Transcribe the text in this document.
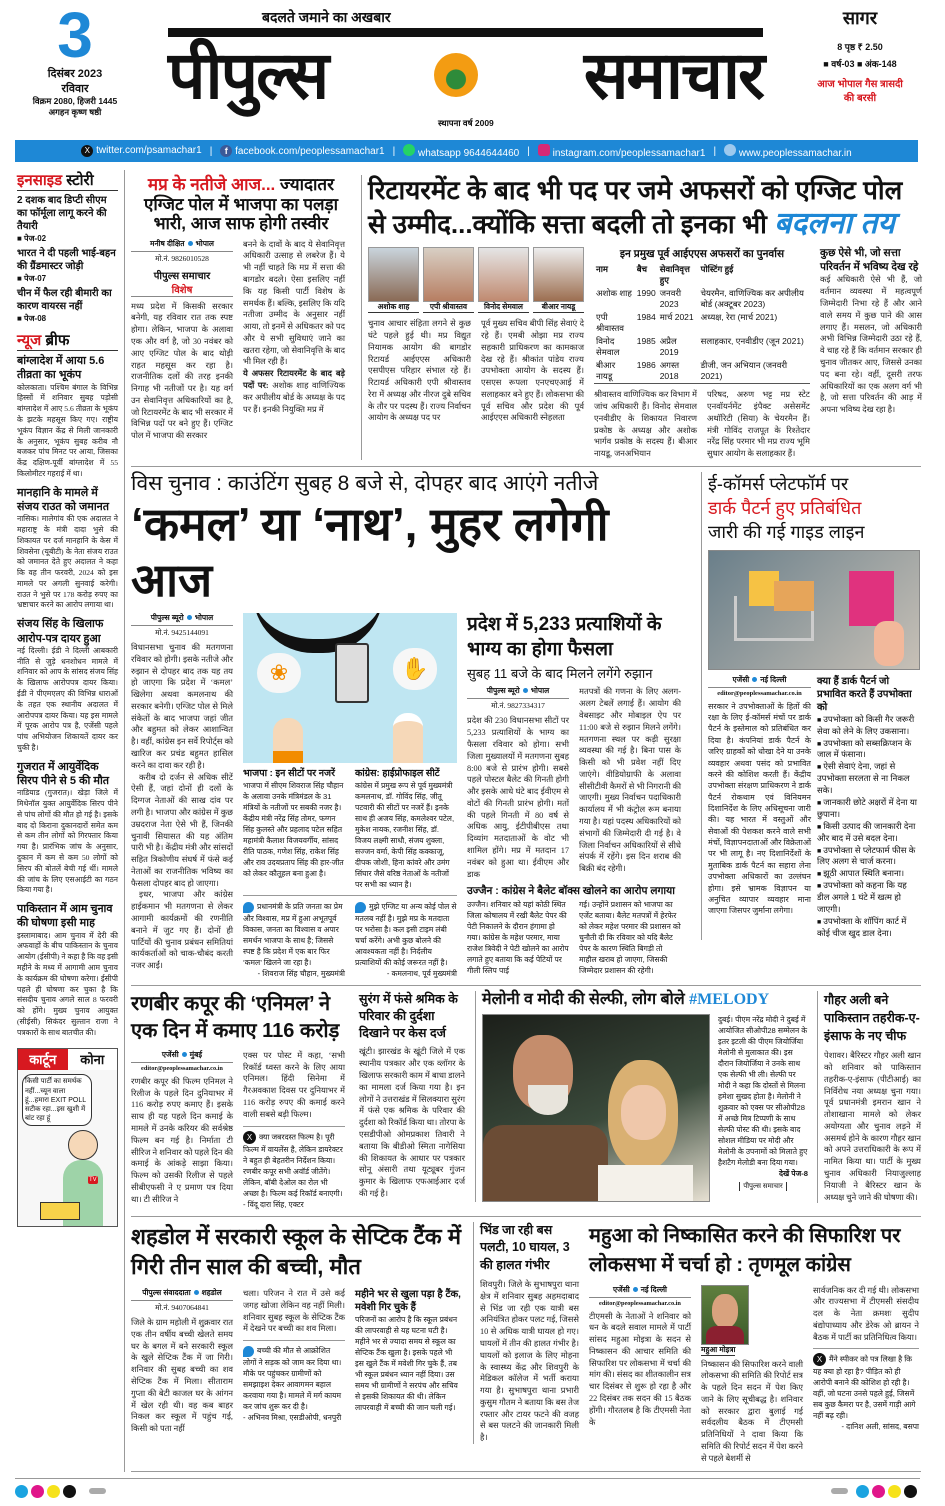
3
दिसंबर 2023
रविवार
विक्रम 2080, हिजरी 1445
अगहन कृष्ण षष्ठी
बदलते जमाने का अखबार
पीपुल्स	समाचार
स्थापना वर्ष 2009
सागर
8 पृष्ठ ₹ 2.50
■ वर्ष-03 ■ अंक-148
आज भोपाल गैस त्रासदी की बरसी
X twitter.com/psamachar1 |	f facebook.com/peoplessamachar1 |	whatsapp 9644644460 |	instagram.com/peoplessamachar1 |	www.peoplessamachar.in
इनसाइड स्टोरी
2 दशक बाद डिप्टी सीएम का फॉर्मूला लागू करने की तैयारी
■ पेज-02
भारत ने दी पहली भाई-बहन की ग्रैंडमास्टर जोड़ी
■ पेज-07
चीन में फैल रही बीमारी का कारण वायरस नहीं
■ पेज-08
न्यूज ब्रीफ
बांग्लादेश में आया 5.6 तीव्रता का भूकंप
कोलकाता। पश्चिम बंगाल के विभिन्न हिस्सों में शनिवार सुबह पड़ोसी बांग्लादेश में आए 5.6 तीव्रता के भूकंप के झटके महसूस किए गए। राष्ट्रीय भूकंप विज्ञान केंद्र से मिली जानकारी के अनुसार, भूकंप सुबह करीब नौ बजकर पांच मिनट पर आया, जिसका केंद्र दक्षिण-पूर्वी बांग्लादेश में 55 किलोमीटर गहराई में था।
मानहानि के मामले में संजय राउत को जमानत
नासिक। मालेगांव की एक अदालत ने महाराष्ट्र के मंत्री दादा भुसे की शिकायत पर दर्ज मानहानि के केस में शिवसेना (यूबीटी) के नेता संजय राउत को जमानत देते हुए अदालत ने कहा कि वह तीन फरवरी, 2024 को इस मामले पर अगली सुनवाई करेगी। राउत ने भुसे पर 178 करोड़ रुपए का भ्रष्टाचार करने का आरोप लगाया था।
संजय सिंह के खिलाफ आरोप-पत्र दायर हुआ
नई दिल्ली। ईडी ने दिल्ली आबकारी नीति से जुड़े धनशोधन मामले में शनिवार को आप के सांसद संजय सिंह के खिलाफ आरोपपत्र दायर किया। ईडी ने पीएमएलए की विभिन्न धाराओं के तहत एक स्थानीय अदालत में आरोपपत्र दायर किया। यह इस मामले में पूरक आरोप पत्र है, एजेंसी पहले पांच अभियोजन शिकायतें दायर कर चुकी है।
गुजरात में आयुर्वेदिक सिरप पीने से 5 की मौत
नाडियाड (गुजरात)। खेड़ा जिले में मिथेनॉल युक्त आयुर्वेदिक सिरप पीने से पांच लोगों की मौत हो गई है। इसके बाद दो किराना दुकानदारों समेत कम से कम तीन लोगों को गिरफ्तार किया गया है। प्रारंभिक जांच के अनुसार, दुकान में कम से कम 50 लोगों को सिरप की बोतलें बेची गई थीं। मामले की जांच के लिए एसआईटी का गठन किया गया है।
पाकिस्तान में आम चुनाव की घोषणा इसी माह
इस्लामाबाद। आम चुनाव में देरी की अफवाहों के बीच पाकिस्तान के चुनाव आयोग (ईसीपी) ने कहा है कि वह इसी महीने के मध्य में आगामी आम चुनाव के कार्यक्रम की घोषणा करेगा। ईसीपी पहले ही घोषणा कर चुका है कि संसदीय चुनाव अगले साल 8 फरवरी को होंगे। मुख्य चुनाव आयुक्त (सीईसी) सिकंदर सुल्तान राजा ने पत्रकारों के साथ बातचीत की।
कार्टून	कोना
किसी पार्टी का समर्थक नहीं...च्यून वाला हूं...हमारा EXIT POLL सटीक रहा...इस खुशी में बांट रहा हूं
TV
मप्र के नतीजे आज... ज्यादातर एग्जिट पोल में भाजपा का पलड़ा भारी, आज साफ होगी तस्वीर
मनीष दीक्षित भोपाल
मो.नं. 9826010528
पीपुल्स समाचार
विशेष
मध्य प्रदेश में किसकी सरकार बनेगी, यह रविवार रात तक स्पष्ट होगा। लेकिन, भाजपा के अलावा एक और वर्ग है, जो 30 नवंबर को आए एग्जिट पोल के बाद थोड़ी राहत महसूस कर रहा है। राजनीतिक दलों की तरह इनकी निगाह भी नतीजों पर है। यह वर्ग उन सेवानिवृत्त अधिकारियों का है, जो रिटायरमेंट के बाद भी सरकार में विभिन्न पदों पर बने हुए हैं। एग्जिट पोल में भाजपा की सरकार
बनने के दावों के बाद ये सेवानिवृत्त अधिकारी उत्साह से लबरेज हैं। ये भी नहीं चाहते कि मप्र में सत्ता की बागडोर बदले। ऐसा इसलिए नहीं कि यह किसी पार्टी विशेष के समर्थक हैं। बल्कि, इसलिए कि यदि नतीजा उम्मीद के अनुसार नहीं आया, तो इनमें से अधिकतर को पद और ये सभी सुविधाएं जाने का खतरा रहेगा, जो सेवानिवृत्ति के बाद भी मिल रही हैं।
ये अफसर रिटायरमेंट के बाद बड़े पदों पर: अशोक शाह वाणिज्यिक कर अपीलीय बोर्ड के अध्यक्ष के पद पर हैं। इनकी नियुक्ति मप्र में
रिटायरमेंट के बाद भी पद पर जमे अफसरों को एग्जिट पोल से उम्मीद...क्योंकि सत्ता बदली तो इनका भी बदलना तय
अशोक शाह	एपी श्रीवास्तव	विनोद सेमवाल	बीआर नायडू
चुनाव आचार संहिता लगने से कुछ घंटे पहले हुई थी। मप्र विद्युत नियामक आयोग की बागडोर रिटायर्ड आईएएस अधिकारी एसपीएस परिहार संभाल रहे हैं। रिटायर्ड अधिकारी एपी श्रीवास्तव रेरा में अध्यक्ष और नीरज दुबे सचिव के तौर पर पदस्थ हैं। राज्य निर्वाचन आयोग के अध्यक्ष पद पर
पूर्व मुख्य सचिव बीपी सिंह सेवाएं दे रहे हैं। एमबी ओझा मप्र राज्य सहकारी प्राधिकरण का कामकाज देख रहे हैं। श्रीकांत पांडेय राज्य उपभोक्ता आयोग के सदस्य हैं। एसएस रूपला एनएचएआई में सलाहकार बने हुए हैं। लोकसभा की पूर्व सचिव और प्रदेश की पूर्व आईएएस अधिकारी स्नेहलता
इन प्रमुख पूर्व आईएएस अफसरों का पुनर्वास
नाम	बैच	सेवानिवृत्त हुए	पोस्टिंग हुई
अशोक शाह	1990	जनवरी 2023	चेयरमैन, वाणिज्यिक कर अपीलीय बोर्ड (अक्टूबर 2023)
एपी श्रीवास्तव	1984	मार्च 2021	अध्यक्ष, रेरा (मार्च 2021)
विनोद सेमवाल	1985	अप्रैल 2019	सलाहकार, एनवीडीए (जून 2021)
बीआर नायडू	1986	अगस्त 2018	डीजी, जन अभियान (जनवरी 2021)
श्रीवास्तव वाणिज्यिक कर विभाग में जांच अधिकारी हैं। विनोद सेमवाल एनवीडीए के शिकायत निवारण प्रकोष्ठ के अध्यक्ष और अशोक भार्गव प्रकोष्ठ के सदस्य हैं। बीआर नायडू, जनअभियान
परिषद, अरुण भट्ट मप्र स्टेट एनवॉयर्नमेंट इंपैक्ट असेसमेंट अथॉरिटी (सिया) के चेयरमैन हैं। मंत्री गोविंद राजपूत के रिश्तेदार नरेंद्र सिंह परमार भी मप्र राज्य भूमि सुधार आयोग के सलाहकार हैं।
कुछ ऐसे भी, जो सत्ता परिवर्तन में भविष्य देख रहे
कई अधिकारी ऐसे भी हैं, जो वर्तमान व्यवस्था में महत्वपूर्ण जिम्मेदारी निभा रहे हैं और आने वाले समय में कुछ पाने की आस लगाए हैं। मसलन, जो अधिकारी अभी विभिन्न जिम्मेदारी उठा रहे हैं, वे चाह रहे हैं कि वर्तमान सरकार ही चुनाव जीतकर आए, जिससे उनका पद बना रहे। वहीं, दूसरी तरफ अधिकारियों का एक अलग वर्ग भी है, जो सत्ता परिवर्तन की आड़ में अपना भविष्य देख रहा है।
विस चुनाव : काउंटिंग सुबह 8 बजे से, दोपहर बाद आएंगे नतीजे
‘कमल’ या ‘नाथ’, मुहर लगेगी आज
पीपुल्स ब्यूरो भोपाल
मो.नं. 9425144091
विधानसभा चुनाव की मतगणना रविवार को होगी। इसके नतीजे और रुझान से दोपहर बाद तक यह तय हो जाएगा कि प्रदेश में ‘कमल’ खिलेगा अथवा कमलनाथ की सरकार बनेगी। एग्जिट पोल से मिले संकेतों के बाद भाजपा जहां जीत और बहुमत को लेकर आशान्वित है। वहीं, कांग्रेस इन सर्वे रिपोर्ट्स को खारिज कर प्रचंड बहुमत हासिल करने का दावा कर रही है।
करीब दो दर्जन से अधिक सीटें ऐसी हैं, जहां दोनों ही दलों के दिग्गज नेताओं की साख दांव पर लगी है। भाजपा और कांग्रेस में कुछ उम्रदराज नेता ऐसे भी हैं, जिनकी चुनावी सियासत की यह अंतिम पारी भी है। केंद्रीय मंत्री और सांसदों सहित त्रिकोणीय संघर्ष में फंसे कई नेताओं का राजनीतिक भविष्य का फैसला दोपहर बाद हो जाएगा।
इधर, भाजपा और कांग्रेस हाईकमान भी मतगणना से लेकर आगामी कार्यक्रमों की रणनीति बनाने में जुट गए हैं। दोनों ही पार्टियों की चुनाव प्रबंधन समितियां कार्यकर्ताओं को चाक-चौबंद करती नजर आईं।
❀	✋
भाजपा : इन सीटों पर नजरें
भाजपा में सीएम शिवराज सिंह चौहान के अलावा उनके मंत्रिमंडल के 31 मंत्रियों के नतीजों पर सबकी नजर है। केंद्रीय मंत्री नरेंद्र सिंह तोमर, फग्गन सिंह कुलस्ते और प्रहलाद पटेल सहित महामंत्री कैलाश विजयवर्गीय, सांसद रीति पाठक, गणेश सिंह, राकेश सिंह और राव उदयप्रताप सिंह की हार-जीत को लेकर कौतूहल बना हुआ है।
कांग्रेस: हाईप्रोफाइल सीटें
कांग्रेस में प्रमुख रूप से पूर्व मुख्यमंत्री कमलनाथ, डॉ. गोविंद सिंह, जीतू पटवारी की सीटों पर नजरें हैं। इनके साथ ही अजय सिंह, कमलेश्वर पटेल, मुकेश नायक, रजनीश सिंह, डॉ. विजय लक्ष्मी साधौ, संजय शुक्ला, सज्जन वर्मा, केपी सिंह कक्काजू, दीपक जोशी, हिना कांवरे और उमंग सिंघार जैसे वरिष्ठ नेताओं के नतीजों पर सभी का ध्यान है।
प्रधानमंत्री के प्रति जनता का प्रेम और विश्वास, मप्र में हुआ अभूतपूर्व विकास, जनता का विश्वास व अपार समर्थन भाजपा के साथ है; जिससे स्पष्ट है कि प्रदेश में एक बार फिर ‘कमल’ खिलने जा रहा है।
- शिवराज सिंह चौहान, मुख्यमंत्री
मुझे एग्जिट या अन्य कोई पोल से मतलब नहीं है। मुझे मप्र के मतदाता पर भरोसा है। कल इसी टाइम लंबी चर्चा करेंगे। अभी कुछ बोलने की आवश्यकता नहीं है। निर्दलीय प्रत्याशियों की कोई जरूरत नहीं है।
- कमलनाथ, पूर्व मुख्यमंत्री
प्रदेश में 5,233 प्रत्याशियों के भाग्य का होगा फैसला
सुबह 11 बजे के बाद मिलने लगेंगे रुझान
पीपुल्स ब्यूरो भोपाल
मो.नं. 9827334317
प्रदेश की 230 विधानसभा सीटों पर 5,233 प्रत्याशियों के भाग्य का फैसला रविवार को होगा। सभी जिला मुख्यालयों में मतगणना सुबह 8:00 बजे से प्रारंभ होगी। सबसे पहले पोस्टल बैलेट की गिनती होगी और इसके आधे घंटे बाद ईवीएम से वोटों की गिनती प्रारंभ होगी। मतों की पहले गिनती में 80 वर्ष से अधिक आयु, ईटीपीबीएस तथा दिव्यांग मतदाताओं के वोट भी शामिल होंगे। मप्र में मतदान 17 नवंबर को हुआ था। ईवीएम और डाक
मतपत्रों की गणना के लिए अलग-अलग टेबलें लगाई हैं। आयोग की वेबसाइट और मोबाइल ऐप पर 11:00 बजे से रुझान मिलने लगेंगे। मतगणना स्थल पर कड़ी सुरक्षा व्यवस्था की गई है। बिना पास के किसी को भी प्रवेश नहीं दिए जाएंगे। वीडियोग्राफी के अलावा सीसीटीवी कैमरों से भी निगरानी की जाएगी। मुख्य निर्वाचन पदाधिकारी कार्यालय में भी कंट्रोल रूम बनाया गया है। यहां पदस्थ अधिकारियों को संभागों की जिम्मेदारी दी गई है। वे जिला निर्वाचन अधिकारियों से सीधे संपर्क में रहेंगे। इस दिन शराब की बिक्री बंद रहेगी।
उज्जैन : कांग्रेस ने बैलेट बॉक्स खोलने का आरोप लगाया
उज्जैन। शनिवार को यहां कोठी स्थित जिला कोषालय में रखी बैलेट पेपर की पेटी निकालने के दौरान हंगामा हो गया। कांग्रेस के महेश परमार, माया राजेश त्रिवेदी ने पेटी खोलने का आरोप लगाते हुए बताया कि कई पेटियों पर गीली स्लिप पाई
गई। उन्होंने प्रशासन को भाजपा का एजेंट बताया। बैलेट मतपत्रों में हेरफेर को लेकर महेश परमार की प्रशासन को चुनौती दी कि रविवार को यदि बैलेट पेपर के कारण स्थिति बिगड़ी तो माहौल खराब हो जाएगा, जिसकी जिम्मेदार प्रशासन की रहेगी।
ई-कॉमर्स प्लेटफॉर्म पर
डार्क पैटर्न हुए प्रतिबंधित
जारी की गई गाइड लाइन
एजेंसी नई दिल्ली
editor@peoplessamachar.co.in
सरकार ने उपभोक्ताओं के हितों की रक्षा के लिए ई-कॉमर्स मंचों पर डार्क पैटर्न के इस्तेमाल को प्रतिबंधित कर दिया है। कंपनियां डार्क पैटर्न के जरिए ग्राहकों को धोखा देने या उनके व्यवहार अथवा पसंद को प्रभावित करने की कोशिश करती हैं। केंद्रीय उपभोक्ता संरक्षण प्राधिकरण ने डार्क पैटर्न रोकथाम एवं विनियमन दिशानिर्देश के लिए अधिसूचना जारी की। यह भारत में वस्तुओं और सेवाओं की पेशकश करने वाले सभी मंचों, विज्ञापनदाताओं और विक्रेताओं पर भी लागू है। नए दिशानिर्देशों के मुताबिक डार्क पैटर्न का सहारा लेना उपभोक्ता अधिकारों का उल्लंघन होगा। इसे भ्रामक विज्ञापन या अनुचित व्यापार व्यवहार माना जाएगा जिसपर जुर्माना लगेगा।
क्या हैं डार्क पैटर्न जो प्रभावित करते हैं उपभोक्ता को
■ उपभोक्ता को किसी गैर जरूरी सेवा को लेने के लिए उकसाना।
■ उपभोक्ता को सब्सक्रिप्शन के जाल में फंसाना।
■ ऐसी सेवाएं देना, जहां से उपभोक्ता सरलता से ना निकल सके।
■ जानकारी छोटे अक्षरों में देना या छुपाना।
■ किसी उत्पाद की जानकारी देना और बाद में उसे बदल देना।
■ उपभोक्ता से प्लेटफार्म फीस के लिए अलग से चार्ज करना।
■ झूठी आपात स्थिति बनाना।
■ उपभोक्ता को कहना कि यह डील अगले 1 घंटे में खत्म हो जाएगी।
■ उपभोक्ता के शॉपिंग कार्ट में कोई चीज खुद डाल देना।
रणबीर कपूर की ‘एनिमल’ ने एक दिन में कमाए 116 करोड़
एजेंसी मुंबई
editor@peoplessamachar.co.in
रणबीर कपूर की फिल्म एनिमल ने रिलीज के पहले दिन दुनियाभर में 116 करोड़ रुपए कमाए हैं। इसके साथ ही यह पहले दिन कमाई के मामले में उनके करियर की सर्वश्रेष्ठ फिल्म बन गई है। निर्माता टी सीरिज ने शनिवार को पहले दिन की कमाई के आंकड़े साझा किया। फिल्म को उसकी रिलीज से पहले सीबीएफसी ने ए प्रमाण पत्र दिया था। टी सीरिज ने
एक्स पर पोस्ट में कहा, ‘सभी रिकॉर्ड ध्वस्त करने के लिए आया एनिमल। हिंदी सिनेमा में गैरअवकाश दिवस पर दुनियाभर में 116 करोड़ रुपए की कमाई करने वाली सबसे बड़ी फिल्म।
X क्या जबरदस्त फिल्म है। पूरी फिल्म में वायलेंस है, लेकिन डायरेक्टर ने बहुत ही बेहतरीन निर्देशन किया। रणबीर कपूर सभी अवॉर्ड जीतेंगे। लेकिन, बॉबी देओल का रोल भी अच्छा है। फिल्म कई रिकॉर्ड बनाएगी। - विंदू दारा सिंह, एक्टर
सुरंग में फंसे श्रमिक के परिवार की दुर्दशा दिखाने पर केस दर्ज
खूंटी। झारखंड के खूंटी जिले में एक स्थानीय पत्रकार और एक व्लॉगर के खिलाफ सरकारी काम में बाधा डालने का मामला दर्ज किया गया है। इन लोगों ने उत्तराखंड में सिलक्यारा सुरंग में फंसे एक श्रमिक के परिवार की दुर्दशा को रिकॉर्ड किया था। तोरपा के एसडीपीओ ओमप्रकाश तिवारी ने बताया कि बीडीओ स्मिता नागेसिया की शिकायत के आधार पर पत्रकार सोनू अंसारी तथा यूट्यूबर गुंजन कुमार के खिलाफ एफआईआर दर्ज की गई है।
मेलोनी व मोदी की सेल्फी, लोग बोले #MELODY
दुबई। पीएम नरेंद्र मोदी ने दुबई में आयोजित सीओपी28 सम्मेलन के इतर इटली की पीएम जियोर्जिया मेलोनी से मुलाकात की। इस दौरान जियोर्जिया ने उनके साथ एक सेल्फी भी ली। सेल्फी पर मोदी ने कहा कि दोस्तों से मिलना हमेशा सुखद होता है। मेलोनी ने शुक्रवार को एक्स पर सीओपी28 में अच्छे मित्र टिप्पणी के साथ सेल्फी पोस्ट की थी। इसके बाद सोशल मीडिया पर मोदी और मेलोनी के उपनामों को मिलाते हुए हैशटैग मेलोडी बना दिया गया।
देखें पेज-8
पीपुल्स समाचार
गौहर अली बने पाकिस्तान तहरीक-ए-इंसाफ के नए चीफ
पेशावर। बैरिस्टर गौहर अली खान को शनिवार को पाकिस्तान तहरीक-ए-इंसाफ (पीटीआई) का निर्विरोध नया अध्यक्ष चुना गया। पूर्व प्रधानमंत्री इमरान खान ने तोशाखाना मामले को लेकर अयोग्यता और चुनाव लड़ने में असमर्थ होने के कारण गौहर खान को अपने उत्तराधिकारी के रूप में नामित किया था। पार्टी के मुख्य चुनाव अधिकारी नियाजुल्लाह नियाजी ने बैरिस्टर खान के अध्यक्ष चुने जाने की घोषणा की।
शहडोल में सरकारी स्कूल के सेप्टिक टैंक में गिरी तीन साल की बच्ची, मौत
पीपुल्स संवाददाता शहडोल
मो.नं. 9407064841
जिले के ग्राम महोली में शुक्रवार रात एक तीन वर्षीय बच्ची खेलते समय घर के बगल में बने सरकारी स्कूल के खुले सेप्टिक टैंक में जा गिरी। शनिवार की सुबह बच्ची का शव सेप्टिक टैंक में मिला। सीताराम गुप्ता की बेटी काजल घर के आंगन में खेल रही थी। वह कब बाहर निकल कर स्कूल में पहुंच गई, किसी को पता नहीं
चला। परिजन ने रात में उसे कई जगह खोजा लेकिन वह नहीं मिली। शनिवार सुबह स्कूल के सेप्टिक टैंक में देखने पर बच्ची का शव मिला।
बच्ची की मौत से आक्रोशित लोगों ने सड़क को जाम कर दिया था। मौके पर पहुंचकर ग्रामीणों को समझाइश देकर आवागमन बहाल करवाया गया है। मामले में मर्ग कायम कर जांच शुरू कर दी है।
- अभिनव मिश्रा, एसडीओपी, धनपुरी
महीने भर से खुला पड़ा है टैंक, मवेशी गिर चुके हैं
परिजनों का आरोप है कि स्कूल प्रबंधन की लापरवाही से यह घटना घटी है। महीने भर से ज्यादा समय से स्कूल का सेप्टिक टैंक खुला है। इसके पहले भी इस खुले टैंक में मवेशी गिर चुके हैं, तब भी स्कूल प्रबंधन ध्यान नहीं दिया। उस समय भी ग्रामीणों ने सरपंच और सचिव से इसकी शिकायत की थी। लेकिन लापरवाही में बच्ची की जान चली गई।
भिंड जा रही बस पलटी, 10 घायल, 3 की हालत गंभीर
शिवपुरी। जिले के सुभाषपुरा थाना क्षेत्र में शनिवार सुबह अहमदाबाद से भिंड जा रही एक यात्री बस अनियंत्रित होकर पलट गई, जिससे 10 से अधिक यात्री घायल हो गए। घायलों में तीन की हालत गंभीर है। घायलों को इलाज के लिए मोहना के स्वास्थ्य केंद्र और शिवपुरी के मेडिकल कॉलेज में भर्ती कराया गया है। सुभाषपुरा थाना प्रभारी कुसुम गौतम ने बताया कि बस तेज रफ्तार और टायर फटने की वजह से बस पलटने की जानकारी मिली है।
महुआ को निष्कासित करने की सिफारिश पर लोकसभा में चर्चा हो : तृणमूल कांग्रेस
एजेंसी नई दिल्ली
editor@peoplessamachar.co.in
टीएमसी के नेताओं ने शनिवार को धन के बदले सवाल मामले में पार्टी सांसद महुआ मोइत्रा के सदन से निष्कासन की आचार समिति की सिफारिश पर लोकसभा में चर्चा की मांग की। संसद का शीतकालीन सत्र चार दिसंबर से शुरू हो रहा है और 22 दिसंबर तक सदन की 15 बैठक होंगी। गौरतलब है कि टीएमसी नेता के
महुआ मोइत्रा
निष्कासन की सिफारिश करने वाली लोकसभा की समिति की रिपोर्ट सत्र के पहले दिन सदन में पेश किए जाने के लिए सूचीबद्ध है। शनिवार को सरकार द्वारा बुलाई गई सर्वदलीय बैठक में टीएमसी प्रतिनिधियों ने दावा किया कि समिति की रिपोर्ट सदन में पेश करने से पहले बेशर्मी से
सार्वजनिक कर दी गई थी। लोकसभा और राज्यसभा में टीएमसी संसदीय दल के नेता क्रमशः सुदीप बंद्योपाध्याय और डेरेक ओ ब्रायन ने बैठक में पार्टी का प्रतिनिधित्व किया।
X मैंने स्पीकर को पत्र लिखा है कि यह क्या हो रहा है? पीड़ित को ही आरोपी बनाने की कोशिश हो रही है। वहीं, जो घटना उनसे पहले हुई, जिसमें सब कुछ कैमरा पर है, उसमें गाड़ी आगे नहीं बढ़ रही।
- दानिश अली, सांसद, बसपा
